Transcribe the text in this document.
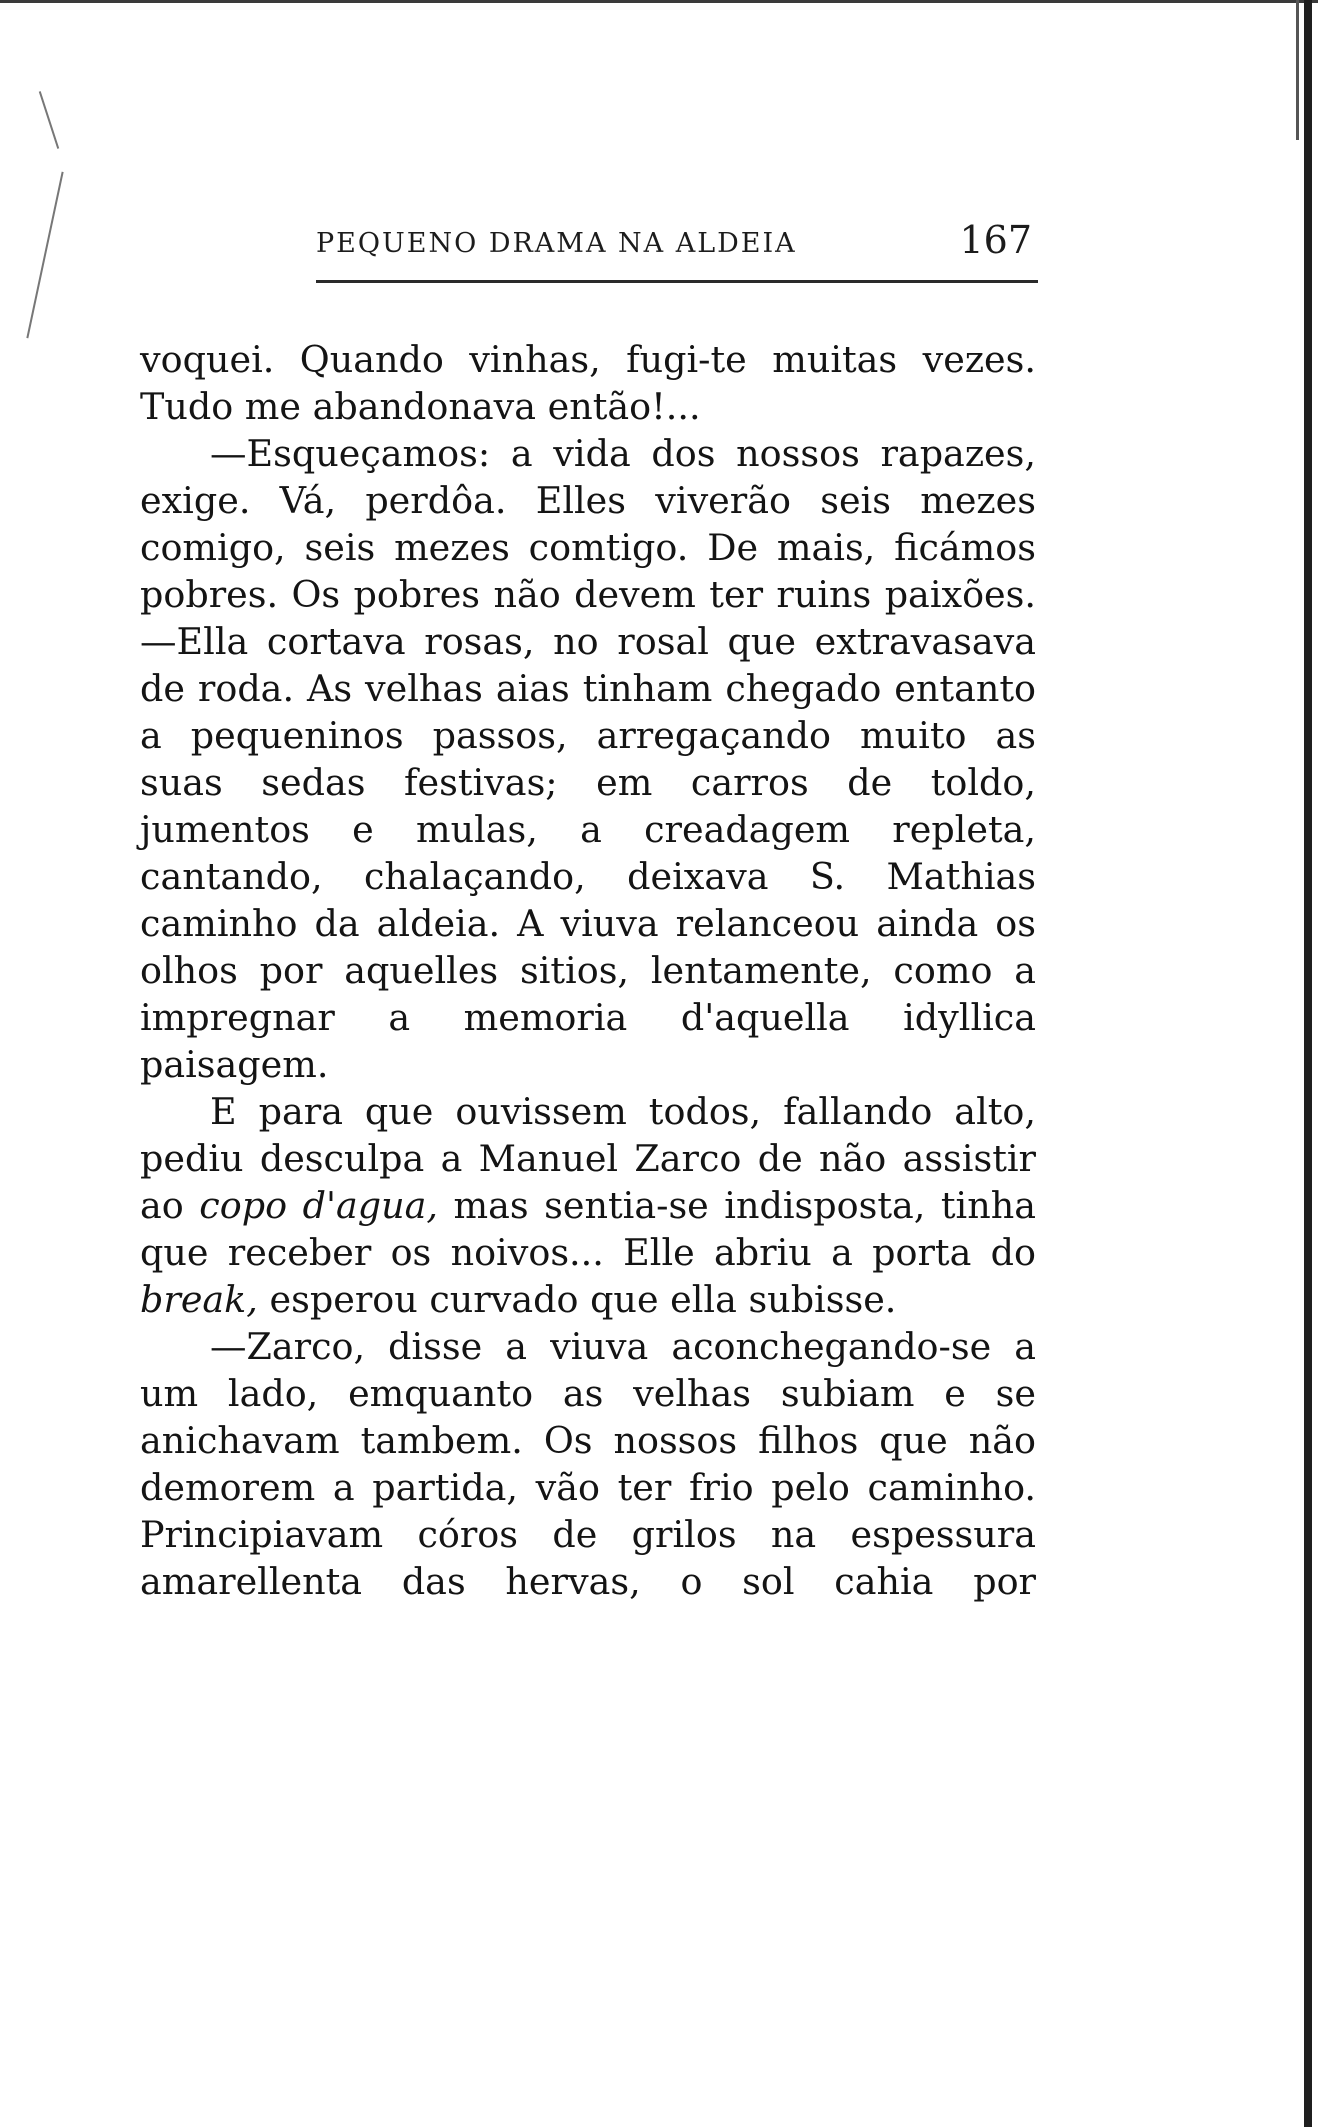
PEQUENO DRAMA NA ALDEIA	167

voquei. Quando vinhas, fugi-te muitas vezes. Tudo me abandonava então!...

—Esqueçamos: a vida dos nossos rapazes, exige. Vá, perdôa. Elles viverão seis mezes comigo, seis mezes comtigo. De mais, ficámos pobres. Os pobres não devem ter ruins paixões.—Ella cortava rosas, no rosal que extravasava de roda. As velhas aias tinham chegado entanto a pequeninos passos, arregaçando muito as suas sedas festivas; em carros de toldo, jumentos e mulas, a creadagem repleta, cantando, chalaçando, deixava S. Mathias caminho da aldeia. A viuva relanceou ainda os olhos por aquelles sitios, lentamente, como a impregnar a memoria d'aquella idyllica paisagem.

E para que ouvissem todos, fallando alto, pediu desculpa a Manuel Zarco de não assistir ao copo d'agua, mas sentia-se indisposta, tinha que receber os noivos... Elle abriu a porta do break, esperou curvado que ella subisse.

—Zarco, disse a viuva aconchegando-se a um lado, emquanto as velhas subiam e se anichavam tambem. Os nossos filhos que não demorem a partida, vão ter frio pelo caminho. Principiavam córos de grilos na espessura amarellenta das hervas, o sol cahia por
